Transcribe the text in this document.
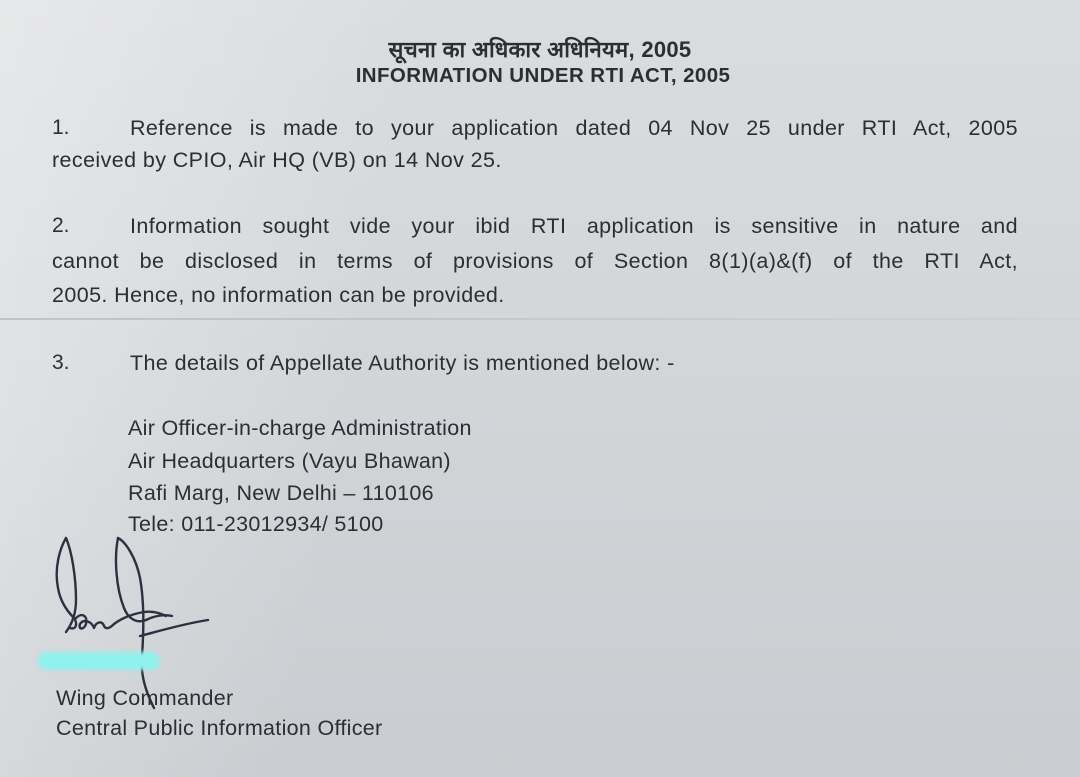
सूचना का अधिकार अधिनियम, 2005
INFORMATION UNDER RTI ACT, 2005
1.	Reference is made to your application dated 04 Nov 25 under RTI Act, 2005
received by CPIO, Air HQ (VB) on 14 Nov 25.
2.	Information sought vide your ibid RTI application is sensitive in nature and
cannot be disclosed in terms of provisions of Section 8(1)(a)&(f) of the RTI Act,
2005. Hence, no information can be provided.
3.	The details of Appellate Authority is mentioned below: -
Air Officer-in-charge Administration
Air Headquarters (Vayu Bhawan)
Rafi Marg, New Delhi – 110106
Tele: 011-23012934/ 5100
Wing Commander
Central Public Information Officer
